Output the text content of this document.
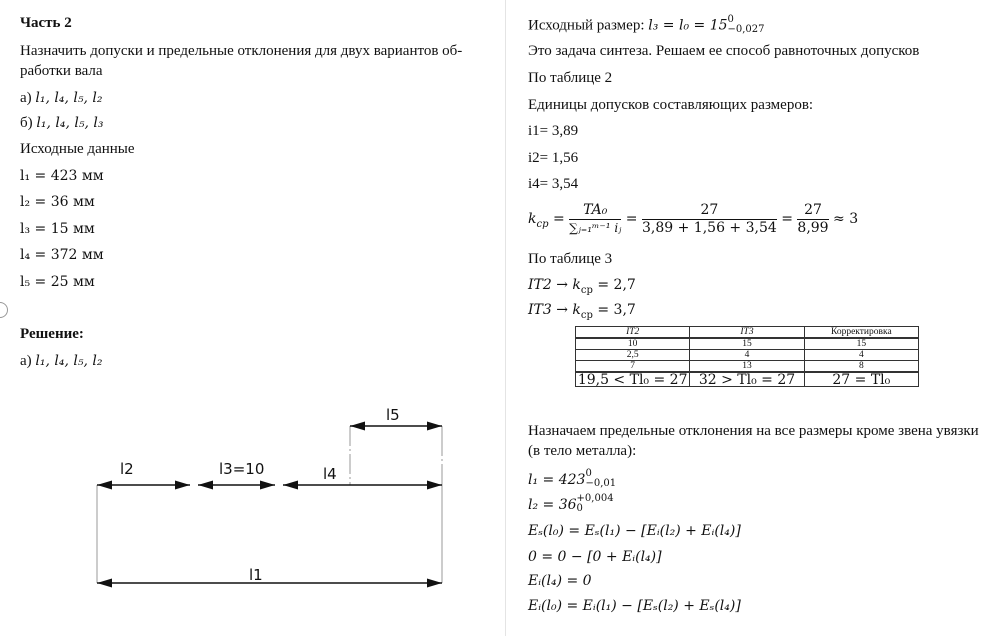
Часть 2
Назначить допуски и предельные отклонения для двух вариантов об-
работки вала
а) l₁, l₄, l₅, l₂
б) l₁, l₄, l₅, l₃
Исходные данные
l₁ = 423 мм
l₂ = 36 мм
l₃ = 15 мм
l₄ = 372 мм
l₅ = 25 мм
Решение:
а) l₁, l₄, l₅, l₂
l2	l3=10	l4
l5
l1
Исходный размер: l₃ = l₀ = 15 0
−0,027
Это задача синтеза. Решаем ее способ равноточных допусков
По таблице 2
Единицы допусков составляющих размеров:
i1= 3,89
i2= 1,56
i4= 3,54
$k_{cp} = \frac{\text{TA₀}}{\text{∑ⱼ₌₁ᵐ⁻¹ iⱼ}} = \frac{27}{3,89 + 1,56 + 3,54} = \frac{27}{8,99} \approx 3$
По таблице 3
$IT2 \to k_{ср} = 2,7$
$IT3 \to k_{ср} = 3,7$
IT2	IT3	Корректировка
10	15	15
2,5	4	4
7	13	8
19,5 < Tl₀ = 27	32 > Tl₀ = 27	27 = Tl₀
Назначаем предельные отклонения на все размеры кроме звена увязки
(в тело металла):
l₁ = 423 0
−0,01
l₂ = 36 +0,004
0
Eₛ(l₀) = Eₛ(l₁) − [Eᵢ(l₂) + Eᵢ(l₄)]
0 = 0 − [0 + Eᵢ(l₄)]
Eᵢ(l₄) = 0
Eᵢ(l₀) = Eᵢ(l₁) − [Eₛ(l₂) + Eₛ(l₄)]
